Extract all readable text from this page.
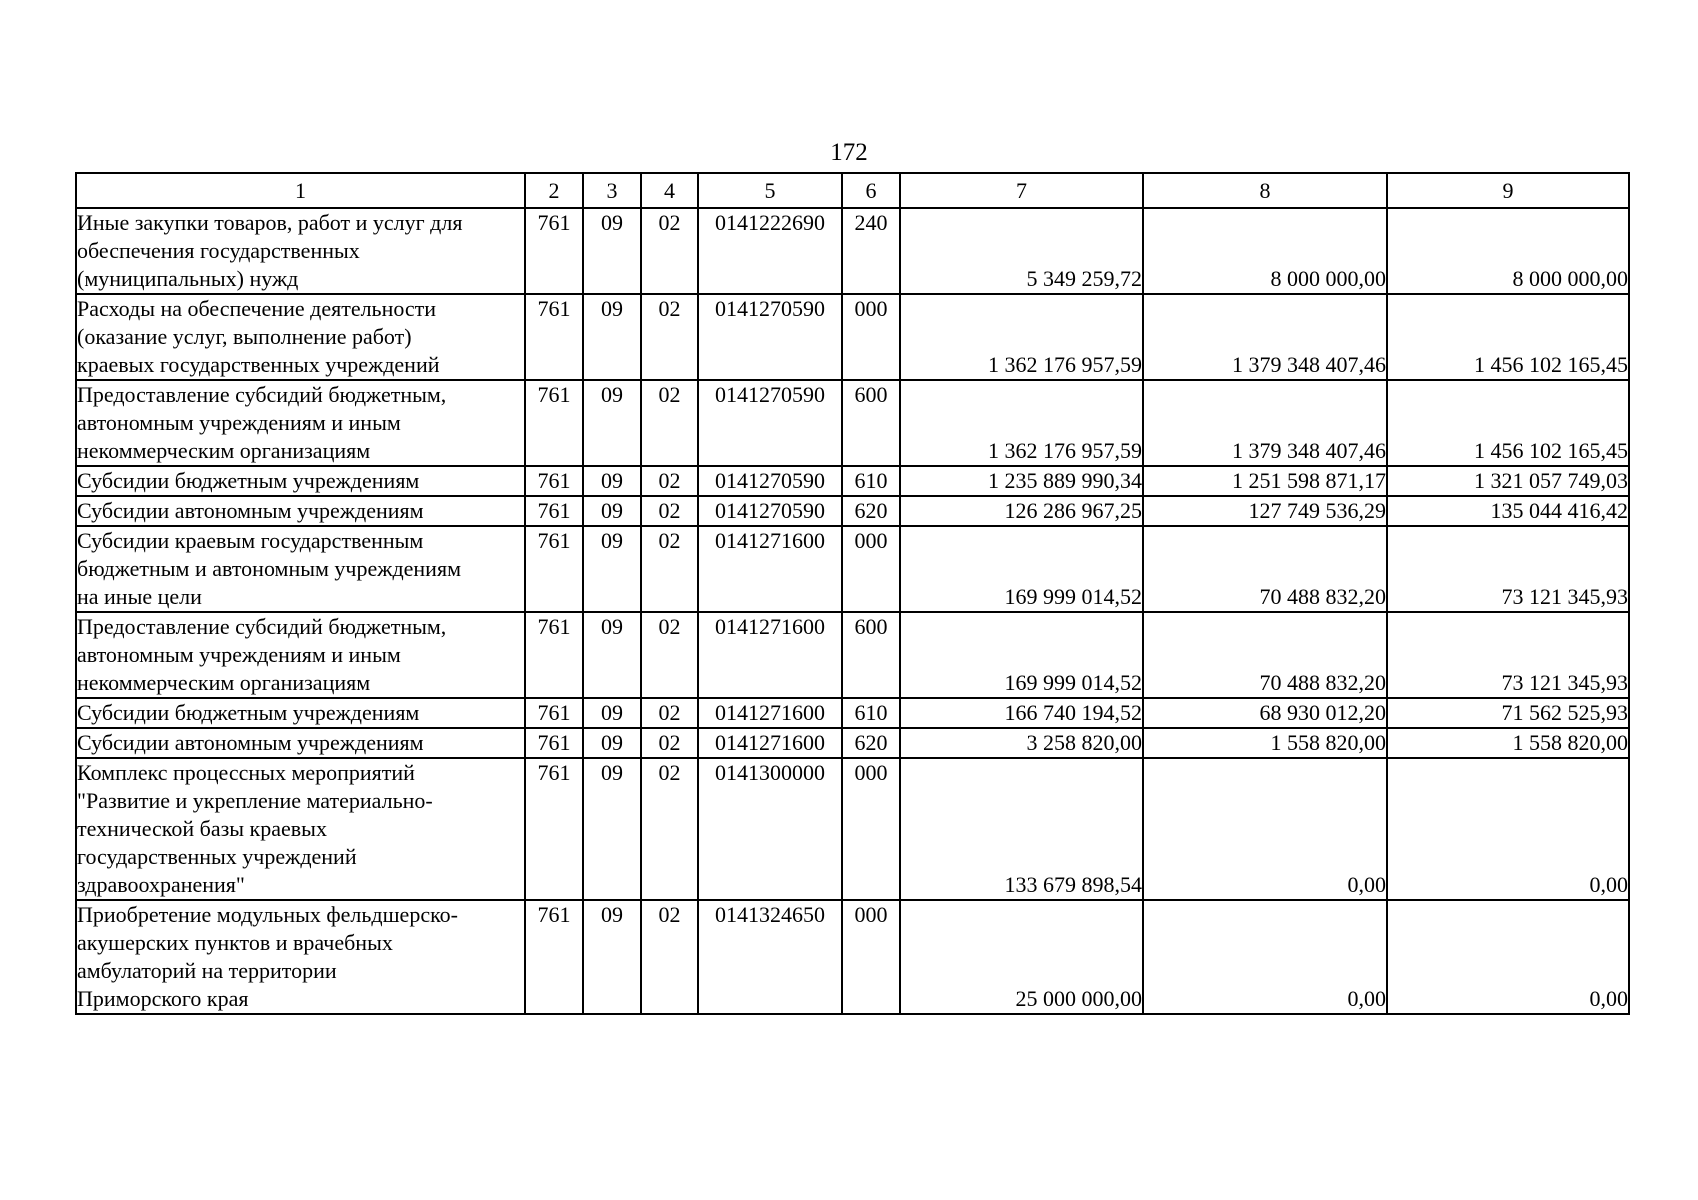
172
1	2	3	4	5	6	7	8	9

Иные закупки товаров, работ и услуг для
обеспечения государственных
(муниципальных) нужд	761	09	02	0141222690	240	5 349 259,72	8 000 000,00	8 000 000,00

Расходы на обеспечение деятельности
(оказание услуг, выполнение работ)
краевых государственных учреждений	761	09	02	0141270590	000	1 362 176 957,59	1 379 348 407,46	1 456 102 165,45

Предоставление субсидий бюджетным,
автономным учреждениям и иным
некоммерческим организациям	761	09	02	0141270590	600	1 362 176 957,59	1 379 348 407,46	1 456 102 165,45

Субсидии бюджетным учреждениям	761	09	02	0141270590	610	1 235 889 990,34	1 251 598 871,17	1 321 057 749,03

Субсидии автономным учреждениям	761	09	02	0141270590	620	126 286 967,25	127 749 536,29	135 044 416,42

Субсидии краевым государственным
бюджетным и автономным учреждениям
на иные цели	761	09	02	0141271600	000	169 999 014,52	70 488 832,20	73 121 345,93

Предоставление субсидий бюджетным,
автономным учреждениям и иным
некоммерческим организациям	761	09	02	0141271600	600	169 999 014,52	70 488 832,20	73 121 345,93

Субсидии бюджетным учреждениям	761	09	02	0141271600	610	166 740 194,52	68 930 012,20	71 562 525,93

Субсидии автономным учреждениям	761	09	02	0141271600	620	3 258 820,00	1 558 820,00	1 558 820,00

Комплекс процессных мероприятий
"Развитие и укрепление материально-
технической базы краевых
государственных учреждений
здравоохранения"	761	09	02	0141300000	000	133 679 898,54	0,00	0,00

Приобретение модульных фельдшерско-
акушерских пунктов и врачебных
амбулаторий на территории
Приморского края	761	09	02	0141324650	000	25 000 000,00	0,00	0,00
